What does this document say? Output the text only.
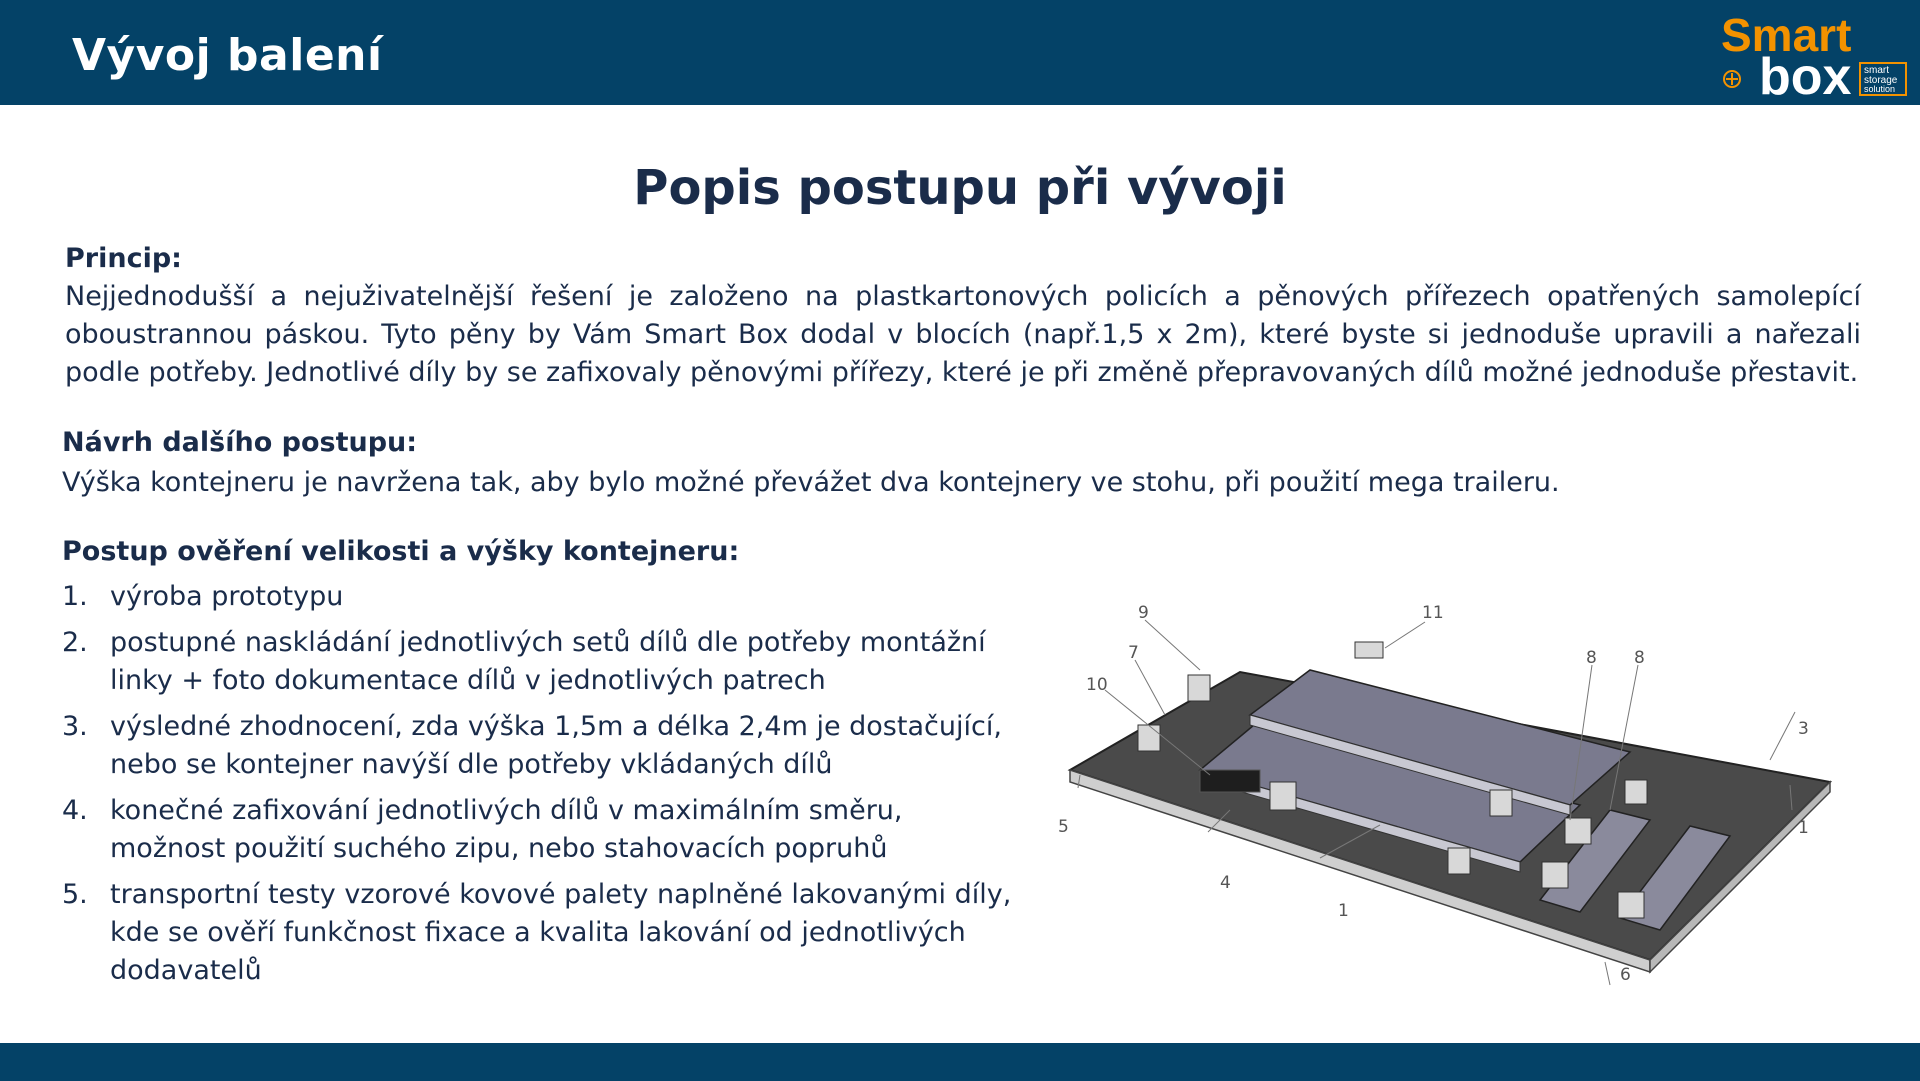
Vývoj balení	Smart
box smart
storage
solution
Popis postupu při vývoji
Princip:
Nejjednodušší a nejuživatelnější řešení je založeno na plastkartonových policích a pěnových přířezech opatřených samolepící oboustrannou páskou. Tyto pěny by Vám Smart Box dodal v blocích (např.1,5 x 2m), které byste si jednoduše upravili a nařezali podle potřeby. Jednotlivé díly by se zafixovaly pěnovými přířezy, které je při změně přepravovaných dílů možné jednoduše přestavit.
Návrh dalšího postupu:
Výška kontejneru je navržena tak, aby bylo možné převážet dva kontejnery ve stohu, při použití mega traileru.
Postup ověření velikosti a výšky kontejneru:
1. výroba prototypu
2. postupné naskládání jednotlivých setů dílů dle potřeby montážní linky + foto dokumentace dílů v jednotlivých patrech
3. výsledné zhodnocení, zda výška 1,5m a délka 2,4m je dostačující, nebo se kontejner navýší dle potřeby vkládaných dílů
4. konečné zafixování jednotlivých dílů v maximálním směru, možnost použití suchého zipu, nebo stahovacích popruhů
5. transportní testy vzorové kovové palety naplněné lakovanými díly, kde se ověří funkčnost fixace a kvalita lakování od jednotlivých dodavatelů
9	11
7	8 8
10
3
5	1
4
1
6
